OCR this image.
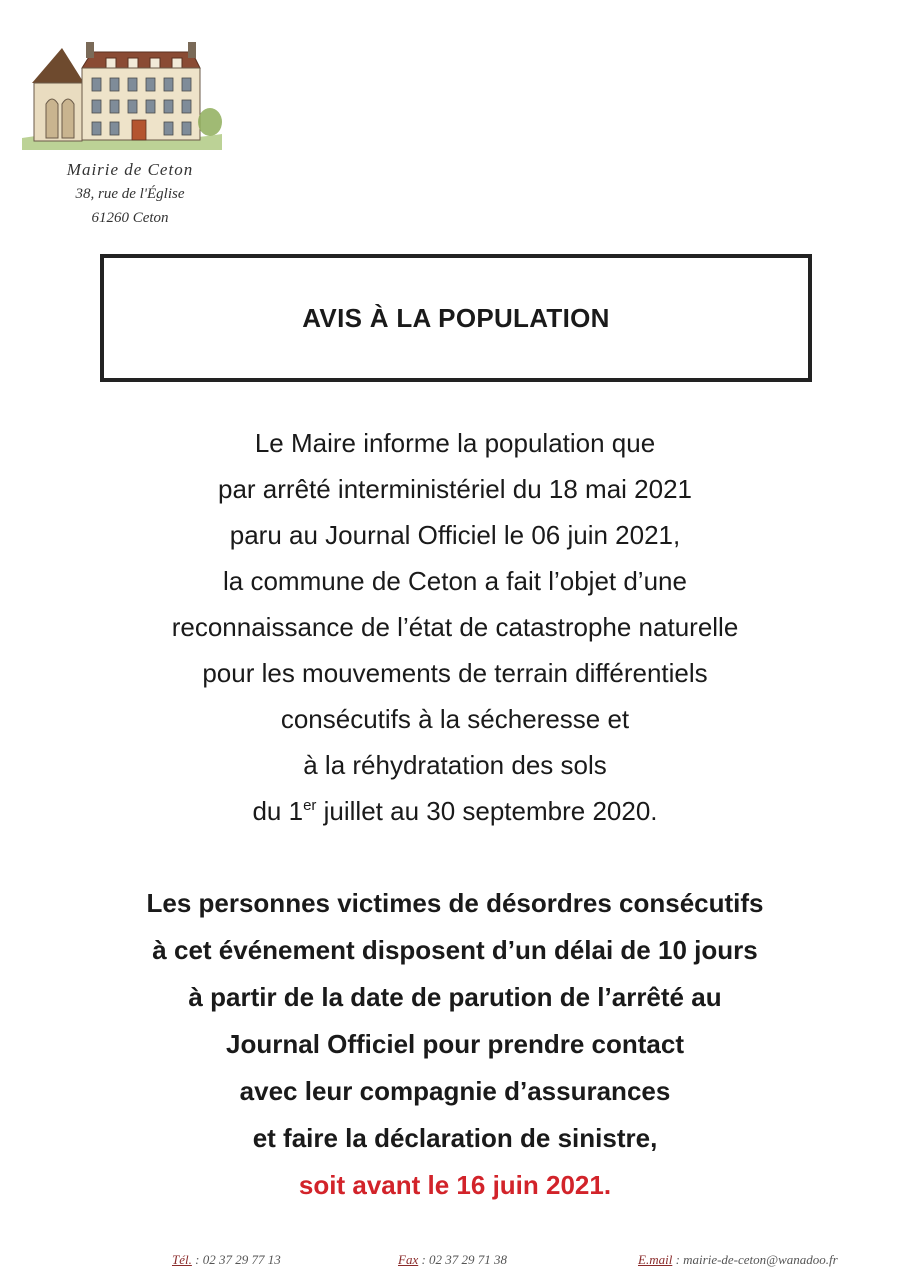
Mairie de Ceton
38, rue de l'Église
61260 Ceton
AVIS À LA POPULATION
Le Maire informe la population que
par arrêté interministériel du 18 mai 2021
paru au Journal Officiel le 06 juin 2021,
la commune de Ceton a fait l’objet d’une
reconnaissance de l’état de catastrophe naturelle
pour les mouvements de terrain différentiels
consécutifs à la sécheresse et
à la réhydratation des sols
du 1er juillet au 30 septembre 2020.
Les personnes victimes de désordres consécutifs
à cet événement disposent d’un délai de 10 jours
à partir de la date de parution de l’arrêté au
Journal Officiel pour prendre contact
avec leur compagnie d’assurances
et faire la déclaration de sinistre,
soit avant le 16 juin 2021.
Tél. : 02 37 29 77 13	Fax : 02 37 29 71 38	E.mail : mairie-de-ceton@wanadoo.fr
